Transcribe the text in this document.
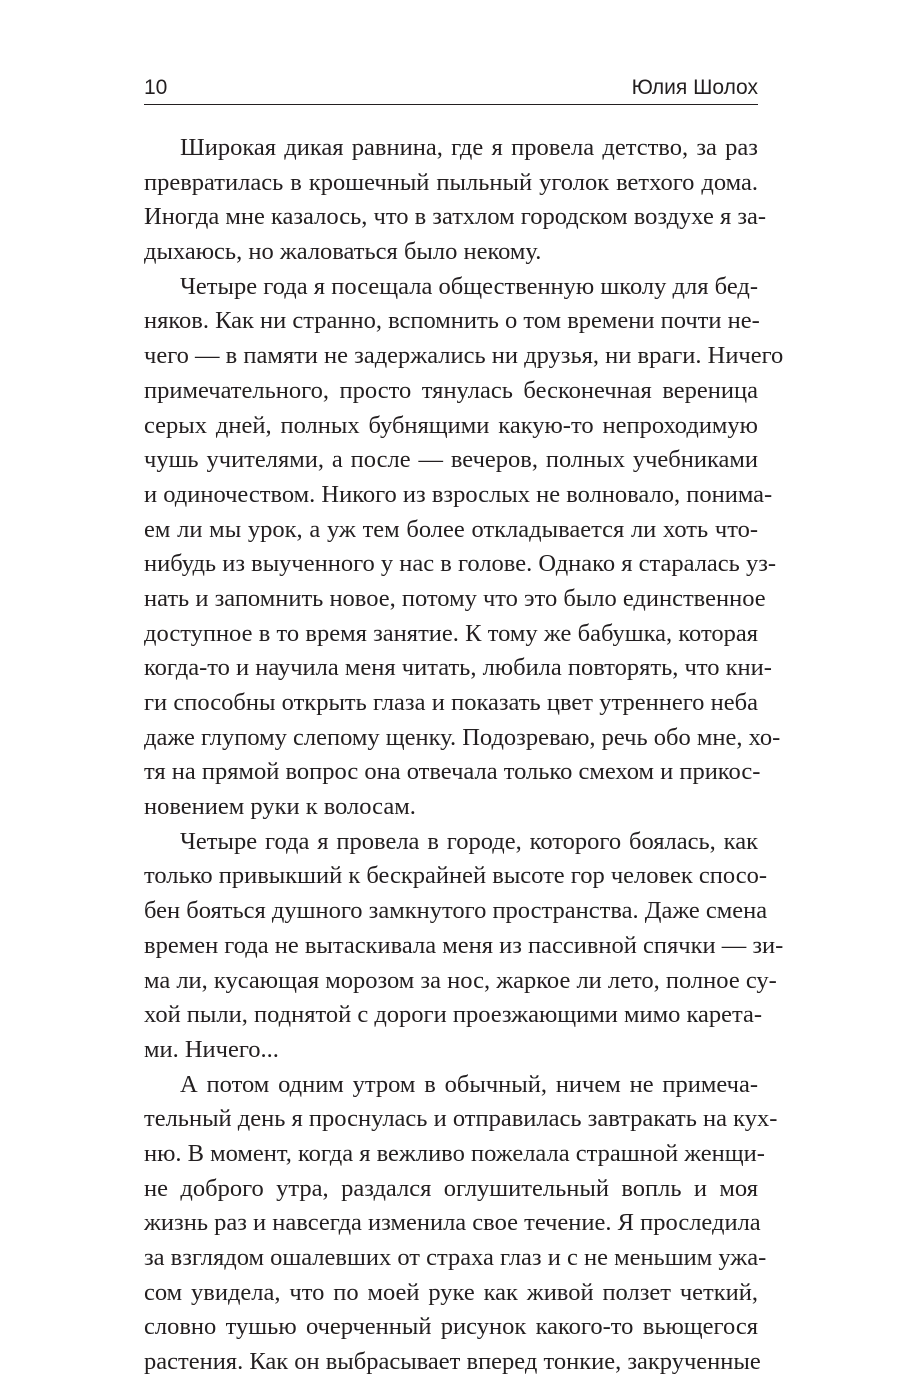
10	Юлия Шолох

Широкая дикая равнина, где я провела детство, за раз
превратилась в крошечный пыльный уголок ветхого дома.
Иногда мне казалось, что в затхлом городском воздухе я за-
дыхаюсь, но жаловаться было некому.

Четыре года я посещала общественную школу для бед-
няков. Как ни странно, вспомнить о том времени почти не-
чего — в памяти не задержались ни друзья, ни враги. Ничего
примечательного, просто тянулась бесконечная вереница
серых дней, полных бубнящими какую-то непроходимую
чушь учителями, а после — вечеров, полных учебниками
и одиночеством. Никого из взрослых не волновало, понима-
ем ли мы урок, а уж тем более откладывается ли хоть что-
нибудь из выученного у нас в голове. Однако я старалась уз-
нать и запомнить новое, потому что это было единственное
доступное в то время занятие. К тому же бабушка, которая
когда-то и научила меня читать, любила повторять, что кни-
ги способны открыть глаза и показать цвет утреннего неба
даже глупому слепому щенку. Подозреваю, речь обо мне, хо-
тя на прямой вопрос она отвечала только смехом и прикос-
новением руки к волосам.

Четыре года я провела в городе, которого боялась, как
только привыкший к бескрайней высоте гор человек спосо-
бен бояться душного замкнутого пространства. Даже смена
времен года не вытаскивала меня из пассивной спячки — зи-
ма ли, кусающая морозом за нос, жаркое ли лето, полное су-
хой пыли, поднятой с дороги проезжающими мимо карета-
ми. Ничего...

А потом одним утром в обычный, ничем не примеча-
тельный день я проснулась и отправилась завтракать на кух-
ню. В момент, когда я вежливо пожелала страшной женщи-
не доброго утра, раздался оглушительный вопль и моя
жизнь раз и навсегда изменила свое течение. Я проследила
за взглядом ошалевших от страха глаз и с не меньшим ужа-
сом увидела, что по моей руке как живой ползет четкий,
словно тушью очерченный рисунок какого-то вьющегося
растения. Как он выбрасывает вперед тонкие, закрученные
